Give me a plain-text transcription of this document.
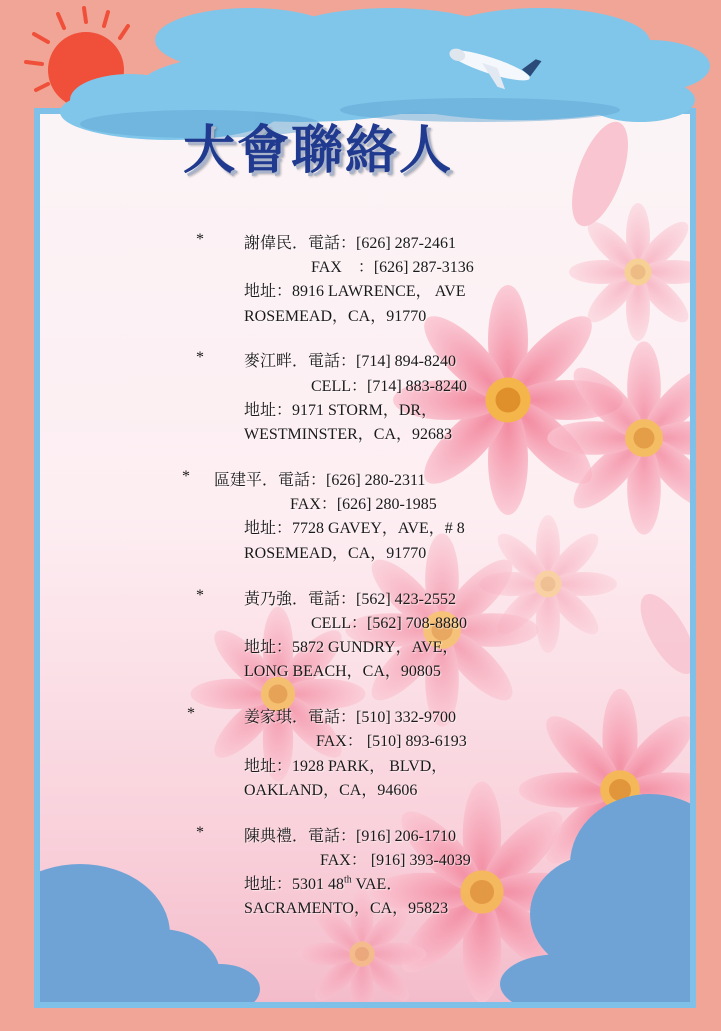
大會聯絡人
*	謝偉民．電話：[626] 287-2461
FAX　：[626] 287-3136
地址：8916 LAWRENCE， AVE
ROSEMEAD，CA，91770
*	麥江畔．電話：[714] 894-8240
CELL：[714] 883-8240
地址：9171 STORM，DR，
WESTMINSTER，CA，92683
* 區建平．電話：[626] 280-2311
FAX：[626] 280-1985
地址：7728 GAVEY，AVE，# 8
ROSEMEAD，CA，91770
*	黃乃強．電話：[562] 423-2552
CELL：[562] 708-8880
地址：5872 GUNDRY，AVE，
LONG BEACH，CA，90805
*	姜家琪．電話：[510] 332-9700
FAX： [510] 893-6193
地址：1928 PARK， BLVD，
OAKLAND，CA，94606
*	陳典禮．電話：[916] 206-1710
FAX： [916] 393-4039
地址：5301 48th VAE．
SACRAMENTO，CA，95823
